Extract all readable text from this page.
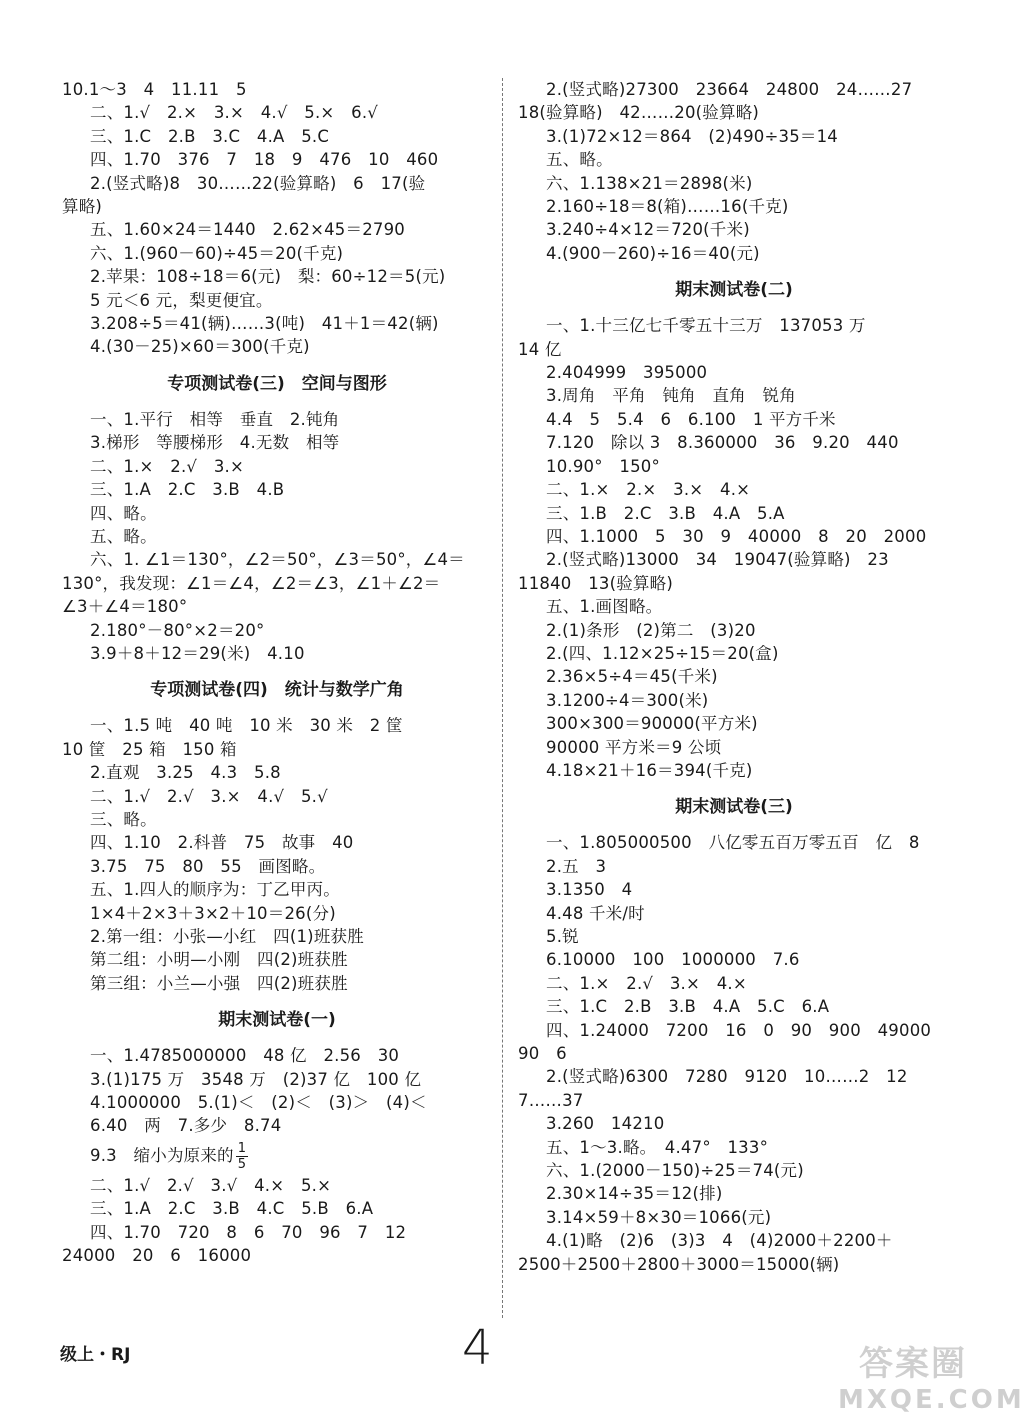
10.1～3　4　11.11　5
二、1.√　2.×　3.×　4.√　5.×　6.√
三、1.C　2.B　3.C　4.A　5.C
四、1.70　376　7　18　9　476　10　460
2.(竖式略)8　30……22(验算略)　6　17(验
算略)
五、1.60×24＝1440　2.62×45＝2790
六、1.(960－60)÷45＝20(千克)
2.苹果：108÷18＝6(元)　梨：60÷12＝5(元)
5 元＜6 元，梨更便宜。
3.208÷5＝41(辆)……3(吨)　41＋1＝42(辆)
4.(30－25)×60＝300(千克)
专项测试卷(三)　空间与图形
一、1.平行　相等　垂直　2.钝角
3.梯形　等腰梯形　4.无数　相等
二、1.×　2.√　3.×
三、1.A　2.C　3.B　4.B
四、略。
五、略。
六、1. ∠1＝130°，∠2＝50°，∠3＝50°，∠4＝
130°，我发现：∠1＝∠4，∠2＝∠3，∠1＋∠2＝
∠3＋∠4＝180°
2.180°－80°×2＝20°
3.9＋8＋12＝29(米)　4.10
专项测试卷(四)　统计与数学广角
一、1.5 吨　40 吨　10 米　30 米　2 筐
10 筐　25 箱　150 箱
2.直观　3.25　4.3　5.8
二、1.√　2.√　3.×　4.√　5.√
三、略。
四、1.10　2.科普　75　故事　40
3.75　75　80　55　画图略。
五、1.四人的顺序为：丁乙甲丙。
1×4＋2×3＋3×2＋10＝26(分)
2.第一组：小张—小红　四(1)班获胜
第二组：小明—小刚　四(2)班获胜
第三组：小兰—小强　四(2)班获胜
期末测试卷(一)
一、1.4785000000　48 亿　2.56　30
3.(1)175 万　3548 万　(2)37 亿　100 亿
4.1000000　5.(1)＜　(2)＜　(3)＞　(4)＜
6.40　两　7.多少　8.74
9.3　缩小为原来的 $\frac{1}{5}$
二、1.√　2.√　3.√　4.×　5.×
三、1.A　2.C　3.B　4.C　5.B　6.A
四、1.70　720　8　6　70　96　7　12
24000　20　6　16000
2.(竖式略)27300　23664　24800　24……27
18(验算略)　42……20(验算略)
3.(1)72×12＝864　(2)490÷35＝14
五、略。
六、1.138×21＝2898(米)
2.160÷18＝8(箱)……16(千克)
3.240÷4×12＝720(千米)
4.(900－260)÷16＝40(元)
期末测试卷(二)
一、1.十三亿七千零五十三万　137053 万
14 亿
2.404999　395000
3.周角　平角　钝角　直角　锐角
4.4　5　5.4　6　6.100　1 平方千米
7.120　除以 3　8.360000　36　9.20　440
10.90°　150°
二、1.×　2.×　3.×　4.×
三、1.B　2.C　3.B　4.A　5.A
四、1.1000　5　30　9　40000　8　20　2000
2.(竖式略)13000　34　19047(验算略)　23
11840　13(验算略)
五、1.画图略。
2.(1)条形　(2)第二　(3)20
2.(四、1.12×25÷15＝20(盒)
2.36×5÷4＝45(千米)
3.1200÷4＝300(米)
300×300＝90000(平方米)
90000 平方米＝9 公顷
4.18×21＋16＝394(千克)
期末测试卷(三)
一、1.805000500　八亿零五百万零五百　亿　8
2.五　3
3.1350　4
4.48 千米/时
5.锐
6.10000　100　1000000　7.6
二、1.×　2.√　3.×　4.×
三、1.C　2.B　3.B　4.A　5.C　6.A
四、1.24000　7200　16　0　90　900　49000
90　6
2.(竖式略)6300　7280　9120　10……2　12
7……37
3.260　14210
五、1～3.略。　4.47°　133°
六、1.(2000－150)÷25＝74(元)
2.30×14÷35＝12(排)
3.14×59＋8×30＝1066(元)
4.(1)略　(2)6　(3)3　4　(4)2000＋2200＋
2500＋2500＋2800＋3000＝15000(辆)
级上・RJ	4	答案圈
MXQE.COM
